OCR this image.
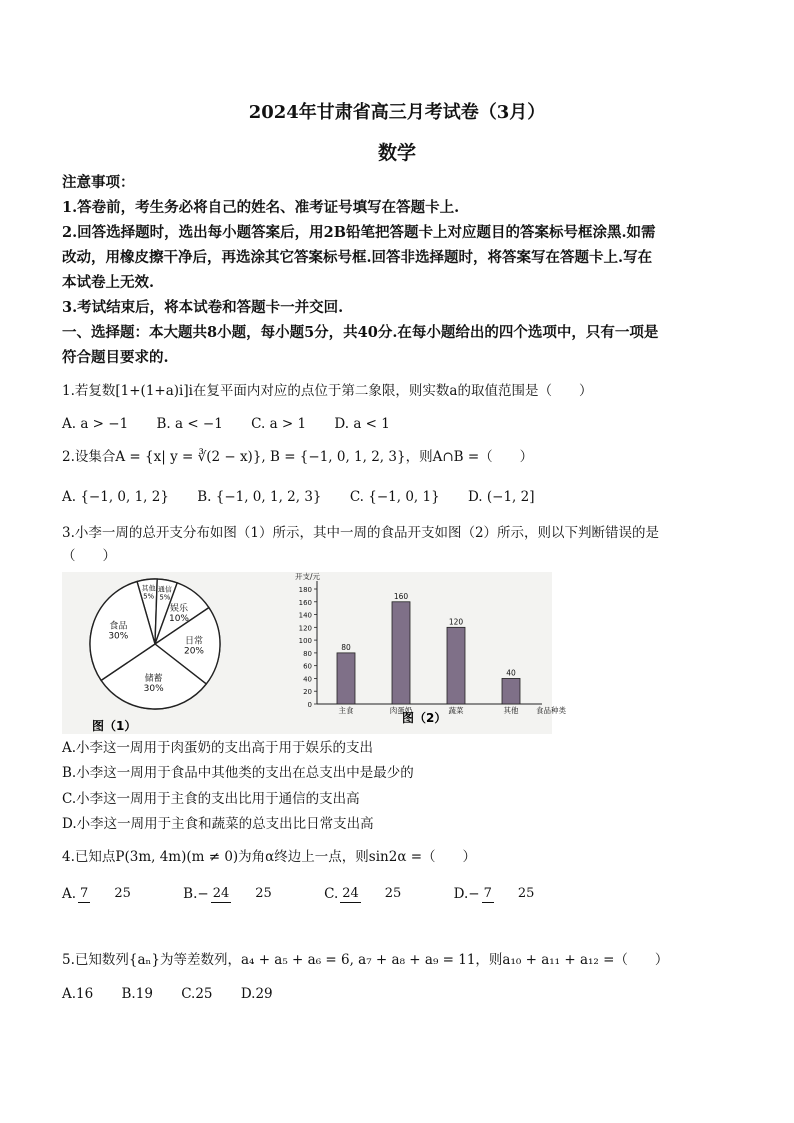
2024年甘肃省高三月考试卷（3月）
数学
注意事项：
1.答卷前，考生务必将自己的姓名、准考证号填写在答题卡上.
2.回答选择题时，选出每小题答案后，用2B铅笔把答题卡上对应题目的答案标号框涂黑.如需
改动，用橡皮擦干净后，再选涂其它答案标号框.回答非选择题时，将答案写在答题卡上.写在
本试卷上无效.
3.考试结束后，将本试卷和答题卡一并交回.
一、选择题：本大题共8小题，每小题5分，共40分.在每小题给出的四个选项中，只有一项是
符合题目要求的.
1.若复数[1+(1+a)i]i在复平面内对应的点位于第二象限，则实数a的取值范围是（　　）
A. a > −1 B. a < −1 C. a > 1 D. a < 1
2.设集合A = {x| y = ∛(2 − x)}, B = {−1, 0, 1, 2, 3}，则A∩B =（　　）
A. {−1, 0, 1, 2} B. {−1, 0, 1, 2, 3} C. {−1, 0, 1} D. (−1, 2]
3.小李一周的总开支分布如图（1）所示，其中一周的食品开支如图（2）所示，则以下判断错误的是
（　　）
其他
5%
通信
5%
娱乐
10%
日常
20%
储蓄
30%
食品
30%
图（1）
0
20
40
60
80
100
120
140
160
180
开支/元
食品种类
80
主食
160
肉蛋奶
120
蔬菜
40
其他
图（2）
A.小李这一周用于肉蛋奶的支出高于用于娱乐的支出
B.小李这一周用于食品中其他类的支出在总支出中是最少的
C.小李这一周用于主食的支出比用于通信的支出高
D.小李这一周用于主食和蔬菜的总支出比日常支出高
4.已知点P(3m, 4m)(m ≠ 0)为角α终边上一点，则sin2α =（　　）
A. 7 25	B.− 24 25	C. 24 25	D.− 7 25
5.已知数列{aₙ}为等差数列，a₄ + a₅ + a₆ = 6, a₇ + a₈ + a₉ = 11，则a₁₀ + a₁₁ + a₁₂ =（　　）
A.16 B.19 C.25 D.29
